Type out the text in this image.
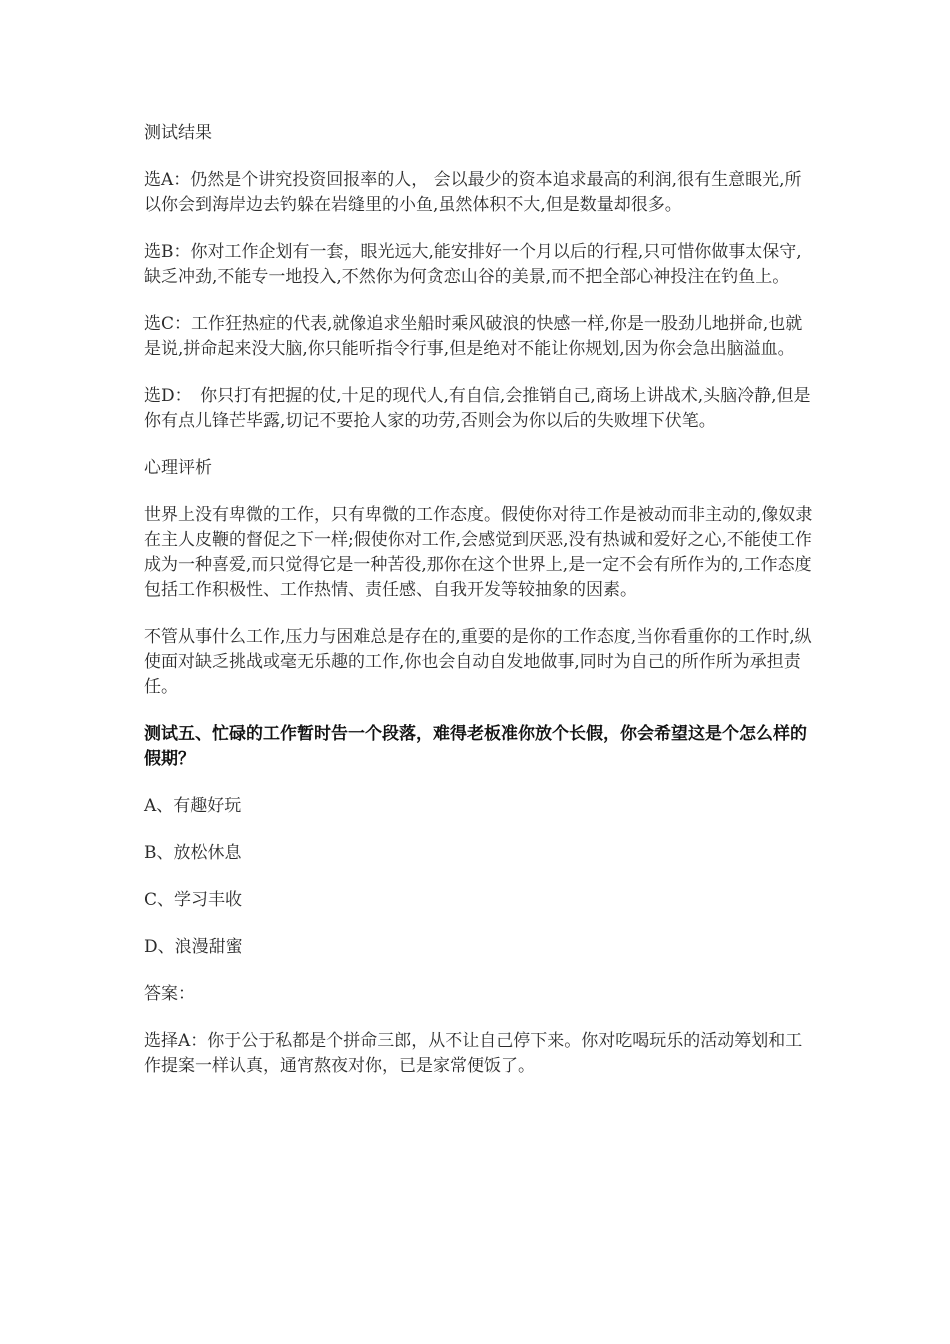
测试结果

选A：仍然是个讲究投资回报率的人， 会以最少的资本追求最高的利润,很有生意眼光,所以你会到海岸边去钓躲在岩缝里的小鱼,虽然体积不大,但是数量却很多。

选B：你对工作企划有一套，眼光远大,能安排好一个月以后的行程,只可惜你做事太保守,缺乏冲劲,不能专一地投入,不然你为何贪恋山谷的美景,而不把全部心神投注在钓鱼上。

选C：工作狂热症的代表,就像追求坐船时乘风破浪的快感一样,你是一股劲儿地拼命,也就是说,拼命起来没大脑,你只能听指令行事,但是绝对不能让你规划,因为你会急出脑溢血。

选D：　你只打有把握的仗,十足的现代人,有自信,会推销自己,商场上讲战术,头脑冷静,但是你有点儿锋芒毕露,切记不要抢人家的功劳,否则会为你以后的失败埋下伏笔。

心理评析

世界上没有卑微的工作，只有卑微的工作态度。假使你对待工作是被动而非主动的,像奴隶在主人皮鞭的督促之下一样;假使你对工作,会感觉到厌恶,没有热诚和爱好之心,不能使工作成为一种喜爱,而只觉得它是一种苦役,那你在这个世界上,是一定不会有所作为的,工作态度包括工作积极性、工作热情、责任感、自我开发等较抽象的因素。

不管从事什么工作,压力与困难总是存在的,重要的是你的工作态度,当你看重你的工作时,纵使面对缺乏挑战或毫无乐趣的工作,你也会自动自发地做事,同时为自己的所作所为承担责任。

测试五、忙碌的工作暂时告一个段落，难得老板准你放个长假，你会希望这是个怎么样的假期？

A、有趣好玩

B、放松休息

C、学习丰收

D、浪漫甜蜜

答案：

选择A：你于公于私都是个拼命三郎，从不让自己停下来。你对吃喝玩乐的活动筹划和工作提案一样认真，通宵熬夜对你，已是家常便饭了。
